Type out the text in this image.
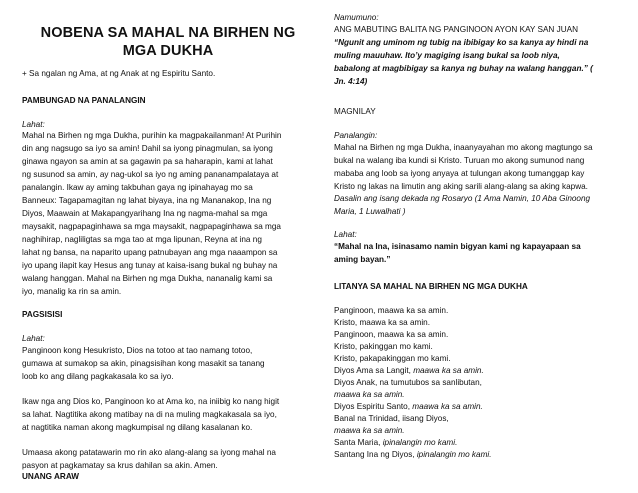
NOBENA SA MAHAL NA BIRHEN NG
MGA DUKHA
+ Sa ngalan ng Ama, at ng Anak at ng Espiritu Santo.
PAMBUNGAD NA PANALANGIN
Lahat:
Mahal na Birhen ng mga Dukha, purihin ka magpakailanman! At Purihin
din ang nagsugo sa iyo sa amin! Dahil sa iyong pinagmulan, sa iyong
ginawa ngayon sa amin at sa gagawin pa sa haharapin, kami at lahat
ng susunod sa amin, ay nag-ukol sa iyo ng aming pananampalataya at
panalangin. Ikaw ay aming takbuhan gaya ng ipinahayag mo sa
Banneux: Tagapamagitan ng lahat biyaya, ina ng Mananakop, Ina ng
Diyos, Maawain at Makapangyarihang Ina ng nagma-mahal sa mga
maysakit, nagpapaginhawa sa mga maysakit, nagpapaginhawa sa mga
naghihirap, nagliligtas sa mga tao at mga lipunan, Reyna at ina ng
lahat ng bansa, na naparito upang patnubayan ang mga naaampon sa
iyo upang ilapit kay Hesus ang tunay at kaisa-isang bukal ng buhay na
walang hanggan. Mahal na Birhen ng mga Dukha, nananalig kami sa
iyo, manalig ka rin sa amin.
PAGSISISI
Lahat:
Panginoon kong Hesukristo, Dios na totoo at tao namang totoo,
gumawa at sumakop sa akin, pinagsisihan kong masakit sa tanang
loob ko ang dilang pagkakasala ko sa iyo.
Ikaw nga ang Dios ko, Panginoon ko at Ama ko, na iniibig ko nang higit
sa lahat. Nagtitika akong matibay na di na muling magkakasala sa iyo,
at nagtitika naman akong magkumpisal ng dilang kasalanan ko.
Umaasa akong patatawarin mo rin ako alang-alang sa iyong mahal na
pasyon at pagkamatay sa krus dahilan sa akin. Amen.
UNANG ARAW
Namumuno:
ANG MABUTING BALITA NG PANGINOON AYON KAY SAN JUAN
“Ngunit ang uminom ng tubig na ibibigay ko sa kanya ay hindi na
muling mauuhaw. Ito’y magiging isang bukal sa loob niya,
babalong at magbibigay sa kanya ng buhay na walang hanggan.” (
Jn. 4:14)
MAGNILAY
Panalangin:
Mahal na Birhen ng mga Dukha, inaanyayahan mo akong magtungo sa
bukal na walang iba kundi si Kristo. Turuan mo akong sumunod nang
mababa ang loob sa iyong anyaya at tulungan akong tumanggap kay
Kristo ng lakas na limutin ang aking sarili alang-alang sa aking kapwa.
Dasalin ang isang dekada ng Rosaryo (1 Ama Namin, 10 Aba Ginoong
Maria, 1 Luwalhati )
Lahat:
“Mahal na Ina, isinasamo namin bigyan kami ng kapayapaan sa
aming bayan.”
LITANYA SA MAHAL NA BIRHEN NG MGA DUKHA
Panginoon, maawa ka sa amin.
Kristo, maawa ka sa amin.
Panginoon, maawa ka sa amin.
Kristo, pakinggan mo kami.
Kristo, pakapakinggan mo kami.
Diyos Ama sa Langit, maawa ka sa amin.
Diyos Anak, na tumutubos sa sanlibutan,
maawa ka sa amin.
Diyos Espiritu Santo, maawa ka sa amin.
Banal na Trinidad, iisang Diyos,
maawa ka sa amin.
Santa Maria, ipinalangin mo kami.
Santang Ina ng Diyos, ipinalangin mo kami.
